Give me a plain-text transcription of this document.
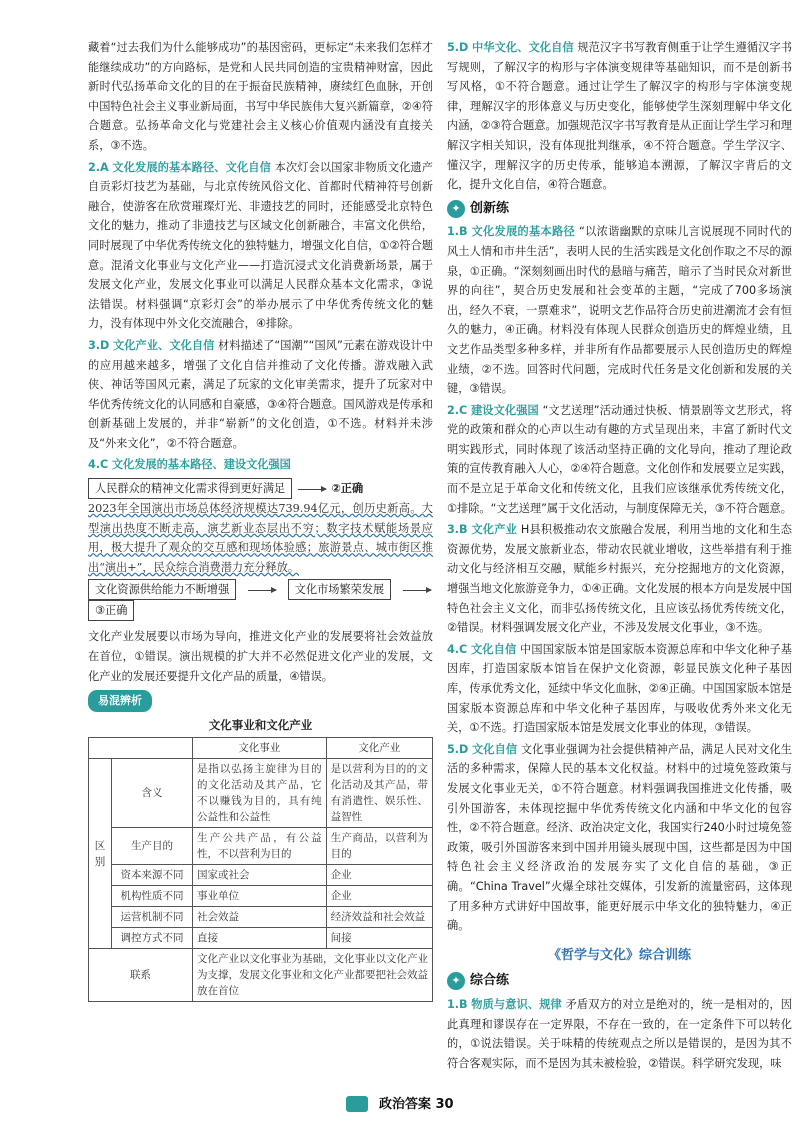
藏着“过去我们为什么能够成功”的基因密码，更标定“未来我们怎样才能继续成功”的方向路标，是党和人民共同创造的宝贵精神财富，因此新时代弘扬革命文化的目的在于振奋民族精神，赓续红色血脉，开创中国特色社会主义事业新局面，书写中华民族伟大复兴新篇章，②④符合题意。弘扬革命文化与党建社会主义核心价值观内涵没有直接关系，③不选。

2.A 文化发展的基本路径、文化自信 本次灯会以国家非物质文化遗产自贡彩灯技艺为基础，与北京传统风俗文化、首都时代精神符号创新融合，使游客在欣赏璀璨灯光、非遗技艺的同时，还能感受北京特色文化的魅力，推动了非遗技艺与区域文化创新融合，丰富文化供给，同时展现了中华优秀传统文化的独特魅力，增强文化自信，①②符合题意。混淆文化事业与文化产业——打造沉浸式文化消费新场景，属于发展文化产业，发展文化事业可以满足人民群众基本文化需求，③说法错误。材料强调“京彩灯会”的举办展示了中华优秀传统文化的魅力，没有体现中外文化交流融合，④排除。

3.D 文化产业、文化自信 材料描述了“国潮”“国风”元素在游戏设计中的应用越来越多，增强了文化自信并推动了文化传播。游戏融入武侠、神话等国风元素，满足了玩家的文化审美需求，提升了玩家对中华优秀传统文化的认同感和自豪感，③④符合题意。国风游戏是传承和创新基础上发展的，并非“崭新”的文化创造，①不选。材料并未涉及“外来文化”，②不符合题意。

4.C 文化发展的基本路径、建设文化强国

人民群众的精神文化需求得到更好满足	②正确

2023年全国演出市场总体经济规模达739.94亿元，创历史新高。大型演出热度不断走高，演艺新业态层出不穷；数字技术赋能场景应用，极大提升了观众的交互感和现场体验感；旅游景点、城市街区推出“演出+”，民众综合消费潜力充分释放。

文化资源供给能力不断增强	文化市场繁荣发展  ③正确

文化产业发展要以市场为导向，推进文化产业的发展要将社会效益放在首位，①错误。演出规模的扩大并不必然促进文化产业的发展，文化产业的发展还要提升文化产品的质量，④错误。

易混辨析
文化事业和文化产业
		文化事业	文化产业
区别	含义	是指以弘扬主旋律为目的的文化活动及其产品，它不以赚钱为目的，具有纯公益性和公益性	是以营利为目的的文化活动及其产品，带有消遣性、娱乐性、益智性
	生产目的	生产公共产品，有公益性，不以营利为目的	生产商品，以营利为目的
	资本来源不同	国家或社会	企业
	机构性质不同	事业单位	企业
	运营机制不同	社会效益	经济效益和社会效益
	调控方式不同	直接	间接
联系		文化产业以文化事业为基础，文化事业以文化产业为支撑，发展文化事业和文化产业都要把社会效益放在首位	

5.D 中华文化、文化自信 规范汉字书写教育侧重于让学生遵循汉字书写规则，了解汉字的构形与字体演变规律等基础知识，而不是创新书写风格，①不符合题意。通过让学生了解汉字的构形与字体演变规律，理解汉字的形体意义与历史变化，能够使学生深刻理解中华文化内涵，②③符合题意。加强规范汉字书写教育是从正面让学生学习和理解汉字相关知识，没有体现批判继承，④不符合题意。学生学汉字、懂汉字，理解汉字的历史传承，能够追本溯源，了解汉字背后的文化，提升文化自信，④符合题意。

✦ 创新练

1.B 文化发展的基本路径 “以浓谐幽默的京味儿言说展现不同时代的风土人情和市井生活”，表明人民的生活实践是文化创作取之不尽的源泉，①正确。“深刻刻画出时代的悬暗与痛苦，暗示了当时民众对新世界的向往”，契合历史发展和社会变革的主题，“完成了700多场演出，经久不衰，一票难求”，说明文艺作品符合历史前进潮流才会有恒久的魅力，④正确。材料没有体现人民群众创造历史的辉煌业绩，且文艺作品类型多种多样，并非所有作品都要展示人民创造历史的辉煌业绩，②不选。回答时代问题，完成时代任务是文化创新和发展的关键，③错误。

2.C 建设文化强国 “文艺送理”活动通过快板、情景剧等文艺形式，将党的政策和群众的心声以生动有趣的方式呈现出来，丰富了新时代文明实践形式，同时体现了该活动坚持正确的文化导向，推动了理论政策的宣传教育融入人心，②④符合题意。文化创作和发展要立足实践，而不是立足于革命文化和传统文化，且我们应该继承优秀传统文化，①排除。“文艺送理”属于文化活动，与制度保障无关，③不符合题意。

3.B 文化产业 H县积极推动农文旅融合发展，利用当地的文化和生态资源优势，发展文旅新业态，带动农民就业增收，这些举措有利于推动文化与经济相互交融，赋能乡村振兴，充分挖掘地方的文化资源，增强当地文化旅游竞争力，①④正确。文化发展的根本方向是发展中国特色社会主义文化，而非弘扬传统文化，且应该弘扬优秀传统文化，②错误。材料强调发展文化产业，不涉及发展文化事业，③不选。

4.C 文化自信 中国国家版本馆是国家版本资源总库和中华文化种子基因库，打造国家版本馆旨在保护文化资源，彰显民族文化种子基因库，传承优秀文化，延续中华文化血脉，②④正确。中国国家版本馆是国家版本资源总库和中华文化种子基因库，与吸收优秀外来文化无关，①不选。打造国家版本馆是发展文化事业的体现，③错误。

5.D 文化自信 文化事业强调为社会提供精神产品，满足人民对文化生活的多种需求，保障人民的基本文化权益。材料中的过境免签政策与发展文化事业无关，①不符合题意。材料强调我国推进文化传播，吸引外国游客，未体现挖掘中华优秀传统文化内涵和中华文化的包容性，②不符合题意。经济、政治决定文化，我国实行240小时过境免签政策，吸引外国游客来到中国并用镜头展现中国，这些都是因为中国特色社会主义经济政治的发展夯实了文化自信的基础，③正确。“China Travel”火爆全球社交媒体，引发新的流量密码，这体现了用多种方式讲好中国故事，能更好展示中华文化的独特魅力，④正确。

《哲学与文化》综合训练
✦ 综合练

1.B 物质与意识、规律 矛盾双方的对立是绝对的，统一是相对的，因此真理和谬误存在一定界限，不存在一致的，在一定条件下可以转化的，①说法错误。关于味精的传统观点之所以是错误的，是因为其不符合客观实际，而不是因为其未被检验，②错误。科学研究发现，味

政治答案 30
